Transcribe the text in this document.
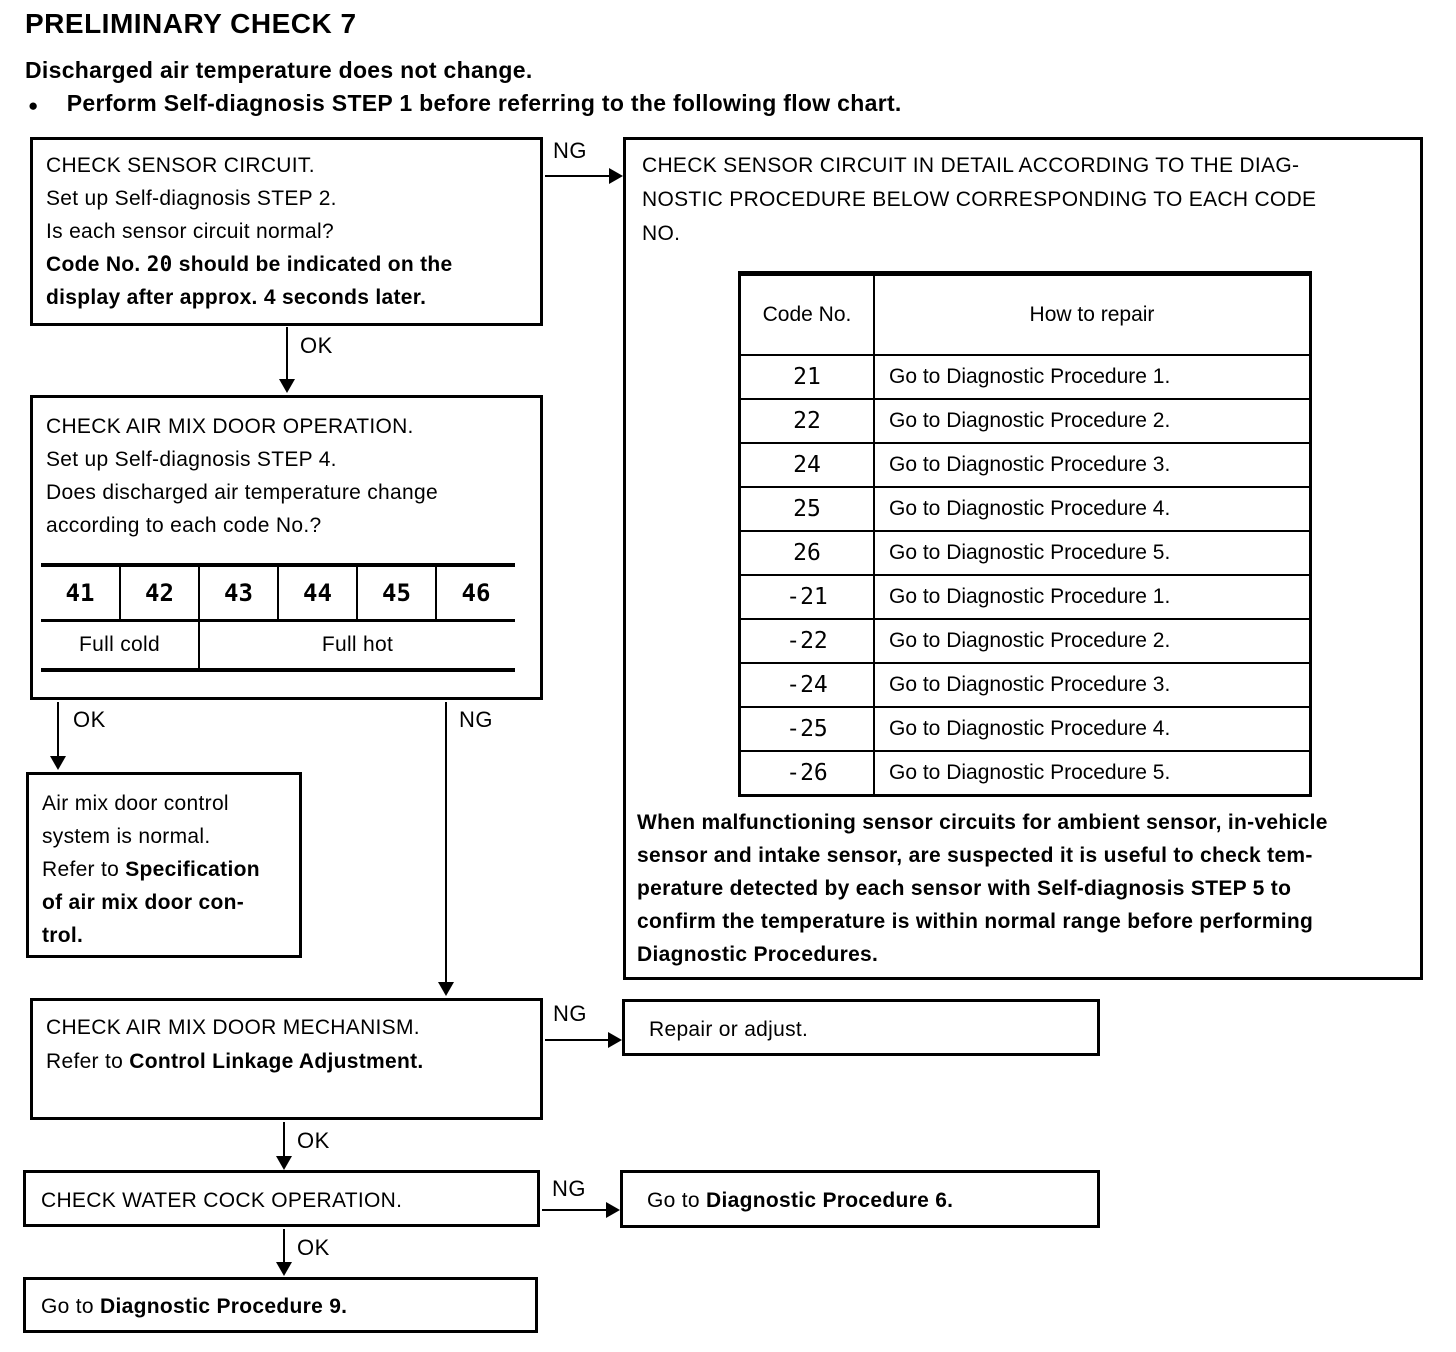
PRELIMINARY CHECK 7
Discharged air temperature does not change.
● Perform Self-diagnosis STEP 1 before referring to the following flow chart.
CHECK SENSOR CIRCUIT.
Set up Self-diagnosis STEP 2.
Is each sensor circuit normal?
Code No. 20 should be indicated on the
display after approx. 4 seconds later.
NG
OK
CHECK SENSOR CIRCUIT IN DETAIL ACCORDING TO THE DIAG-
NOSTIC PROCEDURE BELOW CORRESPONDING TO EACH CODE
NO.
Code No.	How to repair
21	Go to Diagnostic Procedure 1.
22	Go to Diagnostic Procedure 2.
24	Go to Diagnostic Procedure 3.
25	Go to Diagnostic Procedure 4.
26	Go to Diagnostic Procedure 5.
-21	Go to Diagnostic Procedure 1.
-22	Go to Diagnostic Procedure 2.
-24	Go to Diagnostic Procedure 3.
-25	Go to Diagnostic Procedure 4.
-26	Go to Diagnostic Procedure 5.
When malfunctioning sensor circuits for ambient sensor, in-vehicle
sensor and intake sensor, are suspected it is useful to check tem-
perature detected by each sensor with Self-diagnosis STEP 5 to
confirm the temperature is within normal range before performing
Diagnostic Procedures.
CHECK AIR MIX DOOR OPERATION.
Set up Self-diagnosis STEP 4.
Does discharged air temperature change
according to each code No.?
41	42	43	44	45	46
Full cold		Full hot			
OK	NG
Air mix door control
system is normal.
Refer to Specification
of air mix door con-
trol.
CHECK AIR MIX DOOR MECHANISM.
Refer to Control Linkage Adjustment.
NG
Repair or adjust.
OK
CHECK WATER COCK OPERATION.	NG	Go to Diagnostic Procedure 6.
OK
Go to Diagnostic Procedure 9.
